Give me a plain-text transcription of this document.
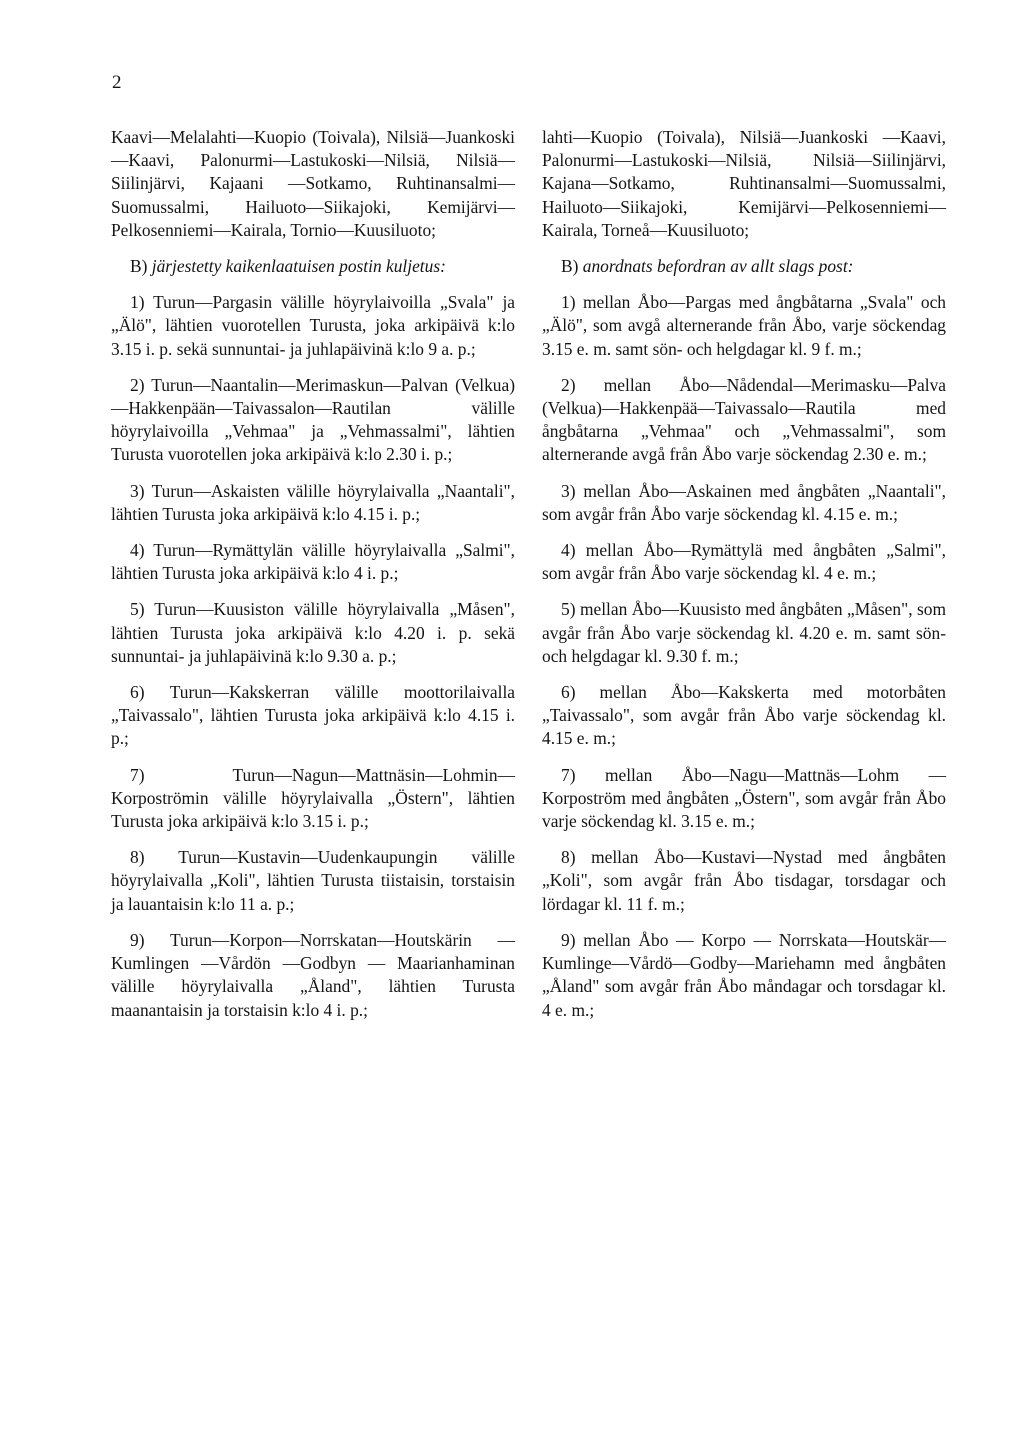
2

Kaavi—Melalahti—Kuopio (Toivala), Nilsiä—Juankoski—Kaavi, Palonurmi—Lastukoski—Nilsiä, Nilsiä—Siilinjärvi, Kajaani —Sotkamo, Ruhtinansalmi—Suomussalmi, Hailuoto—Siikajoki, Kemijärvi—Pelkosenniemi—Kairala, Tornio—Kuusiluoto;

B) järjestetty kaikenlaatuisen postin kuljetus:

1) Turun—Pargasin välille höyrylaivoilla „Svala" ja „Älö", lähtien vuorotellen Turusta, joka arkipäivä k:lo 3.15 i. p. sekä sunnuntai- ja juhlapäivinä k:lo 9 a. p.;

2) Turun—Naantalin—Merimaskun—Palvan (Velkua)—Hakkenpään—Taivassalon—Rautilan välille höyrylaivoilla „Vehmaa" ja „Vehmassalmi", lähtien Turusta vuorotellen joka arkipäivä k:lo 2.30 i. p.;

3) Turun—Askaisten välille höyrylaivalla „Naantali", lähtien Turusta joka arkipäivä k:lo 4.15 i. p.;

4) Turun—Rymättylän välille höyrylaivalla „Salmi", lähtien Turusta joka arkipäivä k:lo 4 i. p.;

5) Turun—Kuusiston välille höyrylaivalla „Måsen", lähtien Turusta joka arkipäivä k:lo 4.20 i. p. sekä sunnuntai- ja juhlapäivinä k:lo 9.30 a. p.;

6) Turun—Kakskerran välille moottorilaivalla „Taivassalo", lähtien Turusta joka arkipäivä k:lo 4.15 i. p.;

7) Turun—Nagun—Mattnäsin—Lohmin—Korpoströmin välille höyrylaivalla „Östern", lähtien Turusta joka arkipäivä k:lo 3.15 i. p.;

8) Turun—Kustavin—Uudenkaupungin välille höyrylaivalla „Koli", lähtien Turusta tiistaisin, torstaisin ja lauantaisin k:lo 11 a. p.;

9) Turun—Korpon—Norrskatan—Houtskärin — Kumlingen —Vårdön —Godbyn — Maarianhaminan välille höyrylaivalla „Åland", lähtien Turusta maanantaisin ja torstaisin k:lo 4 i. p.;

lahti—Kuopio (Toivala), Nilsiä—Juankoski —Kaavi, Palonurmi—Lastukoski—Nilsiä, Nilsiä—Siilinjärvi, Kajana—Sotkamo, Ruhtinansalmi—Suomussalmi, Hailuoto—Siikajoki, Kemijärvi—Pelkosenniemi—Kairala, Torneå—Kuusiluoto;

B) anordnats befordran av allt slags post:

1) mellan Åbo—Pargas med ångbåtarna „Svala" och „Älö", som avgå alternerande från Åbo, varje söckendag 3.15 e. m. samt sön- och helgdagar kl. 9 f. m.;

2) mellan Åbo—Nådendal—Merimasku—Palva (Velkua)—Hakkenpää—Taivassalo—Rautila med ångbåtarna „Vehmaa" och „Vehmassalmi", som alternerande avgå från Åbo varje söckendag 2.30 e. m.;

3) mellan Åbo—Askainen med ångbåten „Naantali", som avgår från Åbo varje söckendag kl. 4.15 e. m.;

4) mellan Åbo—Rymättylä med ångbåten „Salmi", som avgår från Åbo varje söckendag kl. 4 e. m.;

5) mellan Åbo—Kuusisto med ångbåten „Måsen", som avgår från Åbo varje söckendag kl. 4.20 e. m. samt sön- och helgdagar kl. 9.30 f. m.;

6) mellan Åbo—Kakskerta med motorbåten „Taivassalo", som avgår från Åbo varje söckendag kl. 4.15 e. m.;

7) mellan Åbo—Nagu—Mattnäs—Lohm —Korpoström med ångbåten „Östern", som avgår från Åbo varje söckendag kl. 3.15 e. m.;

8) mellan Åbo—Kustavi—Nystad med ångbåten „Koli", som avgår från Åbo tisdagar, torsdagar och lördagar kl. 11 f. m.;

9) mellan Åbo — Korpo — Norrskata—Houtskär—Kumlinge—Vårdö—Godby—Mariehamn med ångbåten „Åland" som avgår från Åbo måndagar och torsdagar kl. 4 e. m.;
